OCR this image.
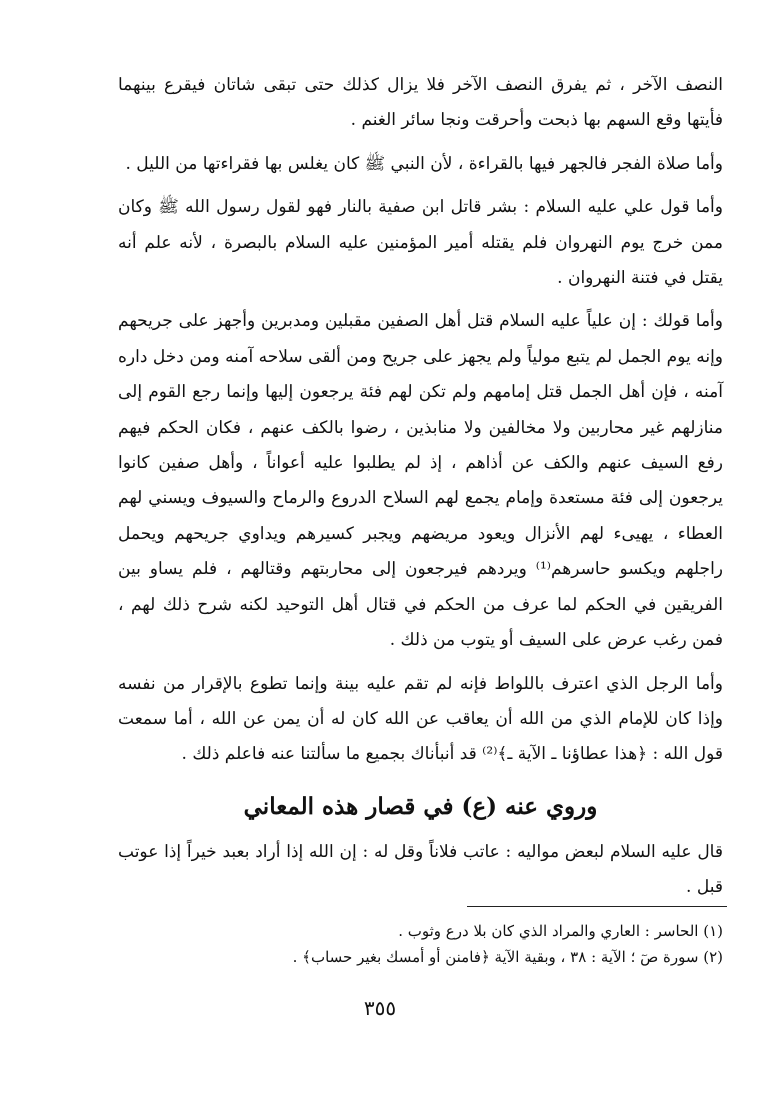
النصف الآخر ، ثم يفرق النصف الآخر فلا يزال كذلك حتى تبقى شاتان فيقرع بينهما فأيتها وقع السهم بها ذبحت وأحرقت ونجا سائر الغنم .

وأما صلاة الفجر فالجهر فيها بالقراءة ، لأن النبي ﷺ كان يغلس بها فقراءتها من الليل .

وأما قول علي عليه السلام : بشر قاتل ابن صفية بالنار فهو لقول رسول الله ﷺ وكان ممن خرج يوم النهروان فلم يقتله أمير المؤمنين عليه السلام بالبصرة ، لأنه علم أنه يقتل في فتنة النهروان .

وأما قولك : إن علياً عليه السلام قتل أهل الصفين مقبلين ومدبرين وأجهز على جريحهم وإنه يوم الجمل لم يتبع مولياً ولم يجهز على جريح ومن ألقى سلاحه آمنه ومن دخل داره آمنه ، فإن أهل الجمل قتل إمامهم ولم تكن لهم فئة يرجعون إليها وإنما رجع القوم إلى منازلهم غير محاربين ولا مخالفين ولا منابذين ، رضوا بالكف عنهم ، فكان الحكم فيهم رفع السيف عنهم والكف عن أذاهم ، إذ لم يطلبوا عليه أعواناً ، وأهل صفين كانوا يرجعون إلى فئة مستعدة وإمام يجمع لهم السلاح الدروع والرماح والسيوف ويسني لهم العطاء ، يهيىء لهم الأنزال ويعود مريضهم ويجبر كسيرهم ويداوي جريحهم ويحمل راجلهم ويكسو حاسرهم⁽¹⁾ ويردهم فيرجعون إلى محاربتهم وقتالهم ، فلم يساو بين الفريقين في الحكم لما عرف من الحكم في قتال أهل التوحيد لكنه شرح ذلك لهم ، فمن رغب عرض على السيف أو يتوب من ذلك .

وأما الرجل الذي اعترف باللواط فإنه لم تقم عليه بينة وإنما تطوع بالإقرار من نفسه وإذا كان للإمام الذي من الله أن يعاقب عن الله كان له أن يمن عن الله ، أما سمعت قول الله : ﴿هذا عطاؤنا ـ الآية ـ﴾⁽²⁾ قد أنبأناك بجميع ما سألتنا عنه فاعلم ذلك .

وروي عنه (ع) في قصار هذه المعاني

قال عليه السلام لبعض مواليه : عاتب فلاناً وقل له : إن الله إذا أراد بعبد خيراً إذا عوتب قبل .

(١) الحاسر : العاري والمراد الذي كان بلا درع وثوب .

(٢) سورة صٓ ؛ الآية : ٣٨ ، وبقية الآية ﴿فامنن أو أمسك بغير حساب﴾ .

٣٥٥
